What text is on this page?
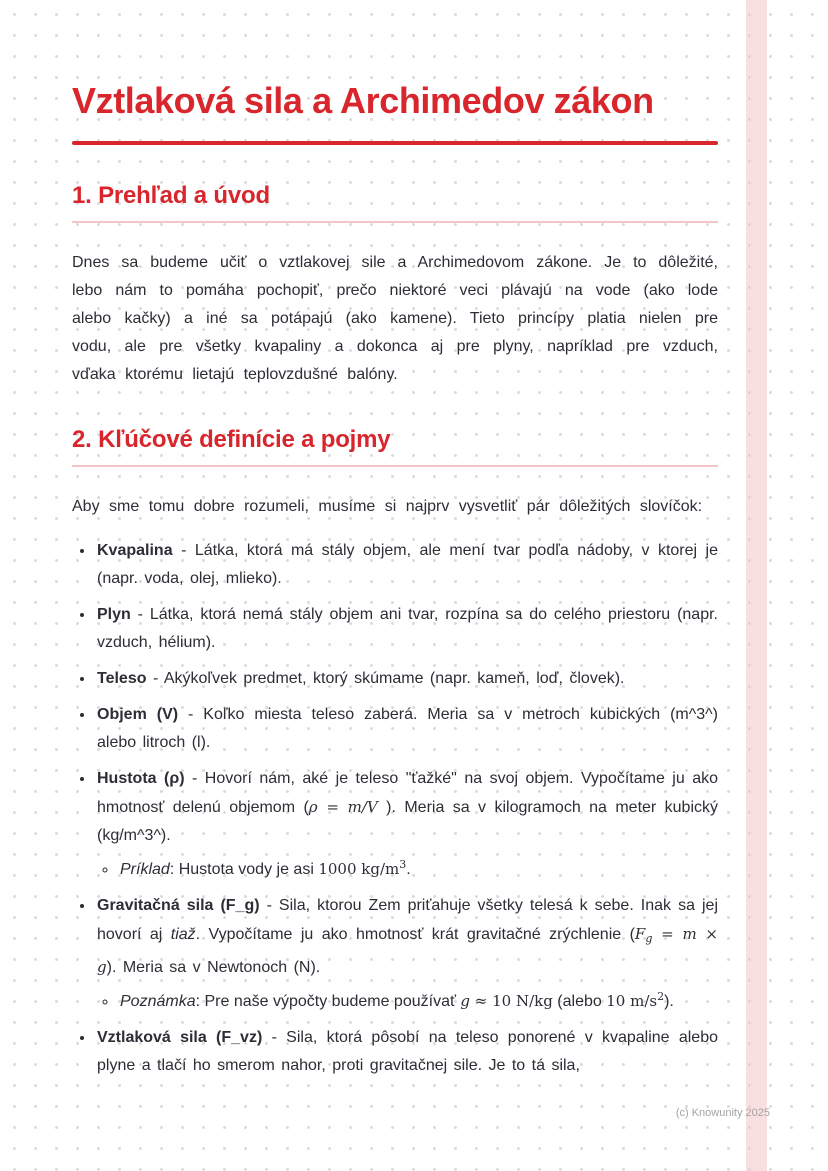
Vztlaková sila a Archimedov zákon
1. Prehľad a úvod

Dnes sa budeme učiť o vztlakovej sile a Archimedovom zákone. Je to dôležité, lebo nám to pomáha pochopiť, prečo niektoré veci plávajú na vode (ako lode alebo kačky) a iné sa potápajú (ako kamene). Tieto princípy platia nielen pre vodu, ale pre všetky kvapaliny a dokonca aj pre plyny, napríklad pre vzduch, vďaka ktorému lietajú teplovzdušné balóny.

2. Kľúčové definície a pojmy

Aby sme tomu dobre rozumeli, musíme si najprv vysvetliť pár dôležitých slovíčok:

• Kvapalina - Látka, ktorá má stály objem, ale mení tvar podľa nádoby, v ktorej je (napr. voda, olej, mlieko).
• Plyn - Látka, ktorá nemá stály objem ani tvar, rozpína sa do celého priestoru (napr. vzduch, hélium).
• Teleso - Akýkoľvek predmet, ktorý skúmame (napr. kameň, loď, človek).
• Objem (V) - Koľko miesta teleso zaberá. Meria sa v metroch kubických (m^3^) alebo litroch (l).
• Hustota (ρ) - Hovorí nám, aké je teleso "ťažké" na svoj objem. Vypočítame ju ako hmotnosť delenú objemom (ρ = m/V ). Meria sa v kilogramoch na meter kubický (kg/m^3^).
◦ Príklad: Hustota vody je asi 1000 $kg/m^3$.
• Gravitačná sila (F_g) - Sila, ktorou Zem priťahuje všetky telesá k sebe. Inak sa jej hovorí aj tiaž. Vypočítame ju ako hmotnosť krát gravitačné zrýchlenie (Fg = m × g). Meria sa v Newtonoch (N).
◦ Poznámka: Pre naše výpočty budeme používať g ≈ 10 N/kg (alebo 10 $m/s^2$).
• Vztlaková sila (F_vz) - Sila, ktorá pôsobí na teleso ponorené v kvapaline alebo plyne a tlačí ho smerom nahor, proti gravitačnej sile. Je to tá sila,
(c) Knowunity 2025
